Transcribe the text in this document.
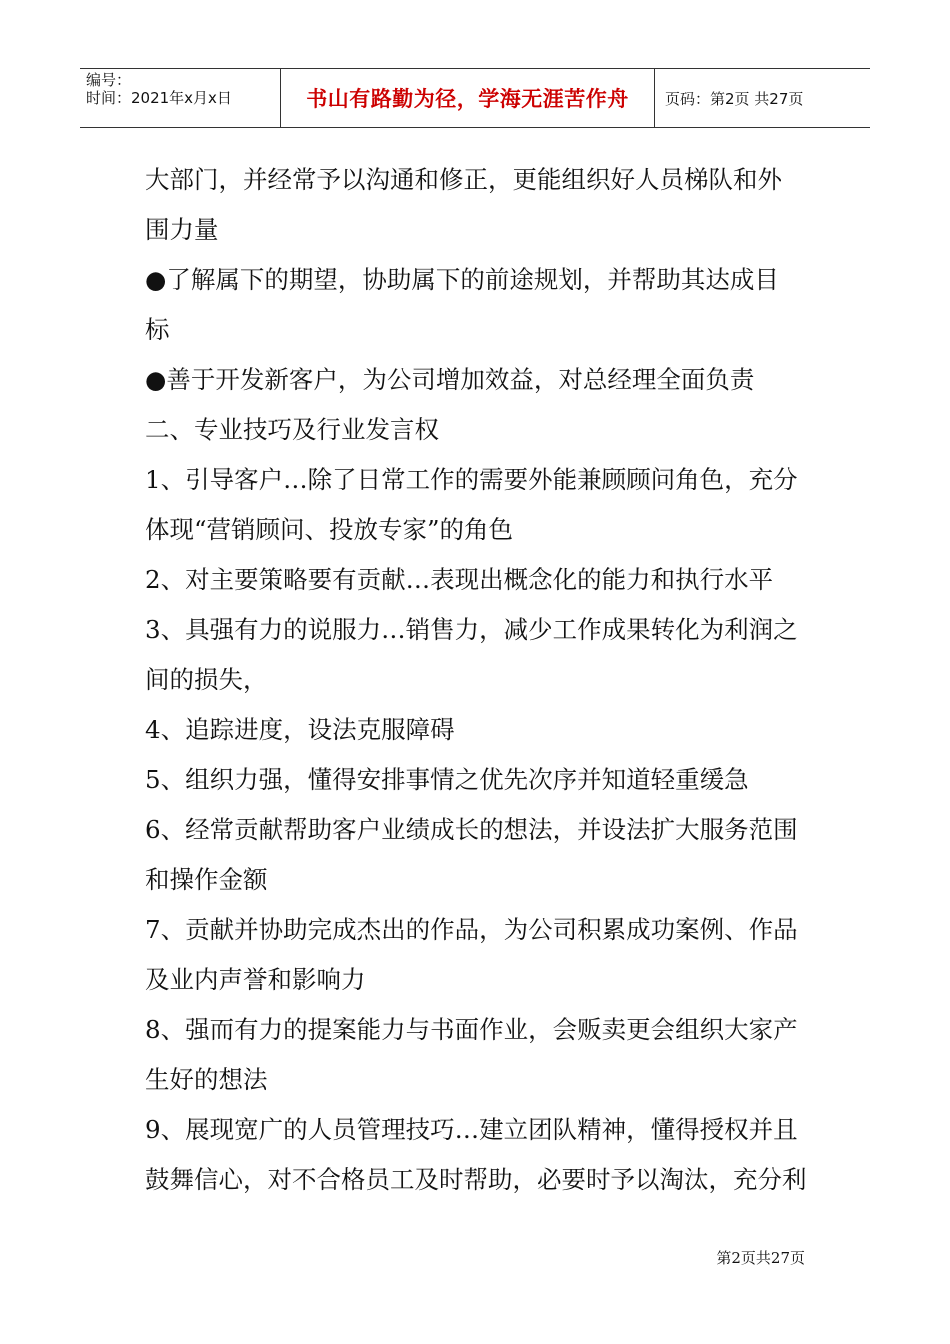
编号：
时间：2021年x月x日	书山有路勤为径，学海无涯苦作舟	页码：第2页 共27页
大部门，并经常予以沟通和修正，更能组织好人员梯队和外
围力量
●了解属下的期望，协助属下的前途规划，并帮助其达成目
标
●善于开发新客户，为公司增加效益，对总经理全面负责
二、专业技巧及行业发言权
1、引导客户…除了日常工作的需要外能兼顾顾问角色，充分
体现“营销顾问、投放专家”的角色
2、对主要策略要有贡献…表现出概念化的能力和执行水平
3、具强有力的说服力…销售力，减少工作成果转化为利润之
间的损失，
4、追踪进度，设法克服障碍
5、组织力强，懂得安排事情之优先次序并知道轻重缓急
6、经常贡献帮助客户业绩成长的想法，并设法扩大服务范围
和操作金额
7、贡献并协助完成杰出的作品，为公司积累成功案例、作品
及业内声誉和影响力
8、强而有力的提案能力与书面作业，会贩卖更会组织大家产
生好的想法
9、展现宽广的人员管理技巧…建立团队精神，懂得授权并且
鼓舞信心，对不合格员工及时帮助，必要时予以淘汰，充分利
第2页共27页
